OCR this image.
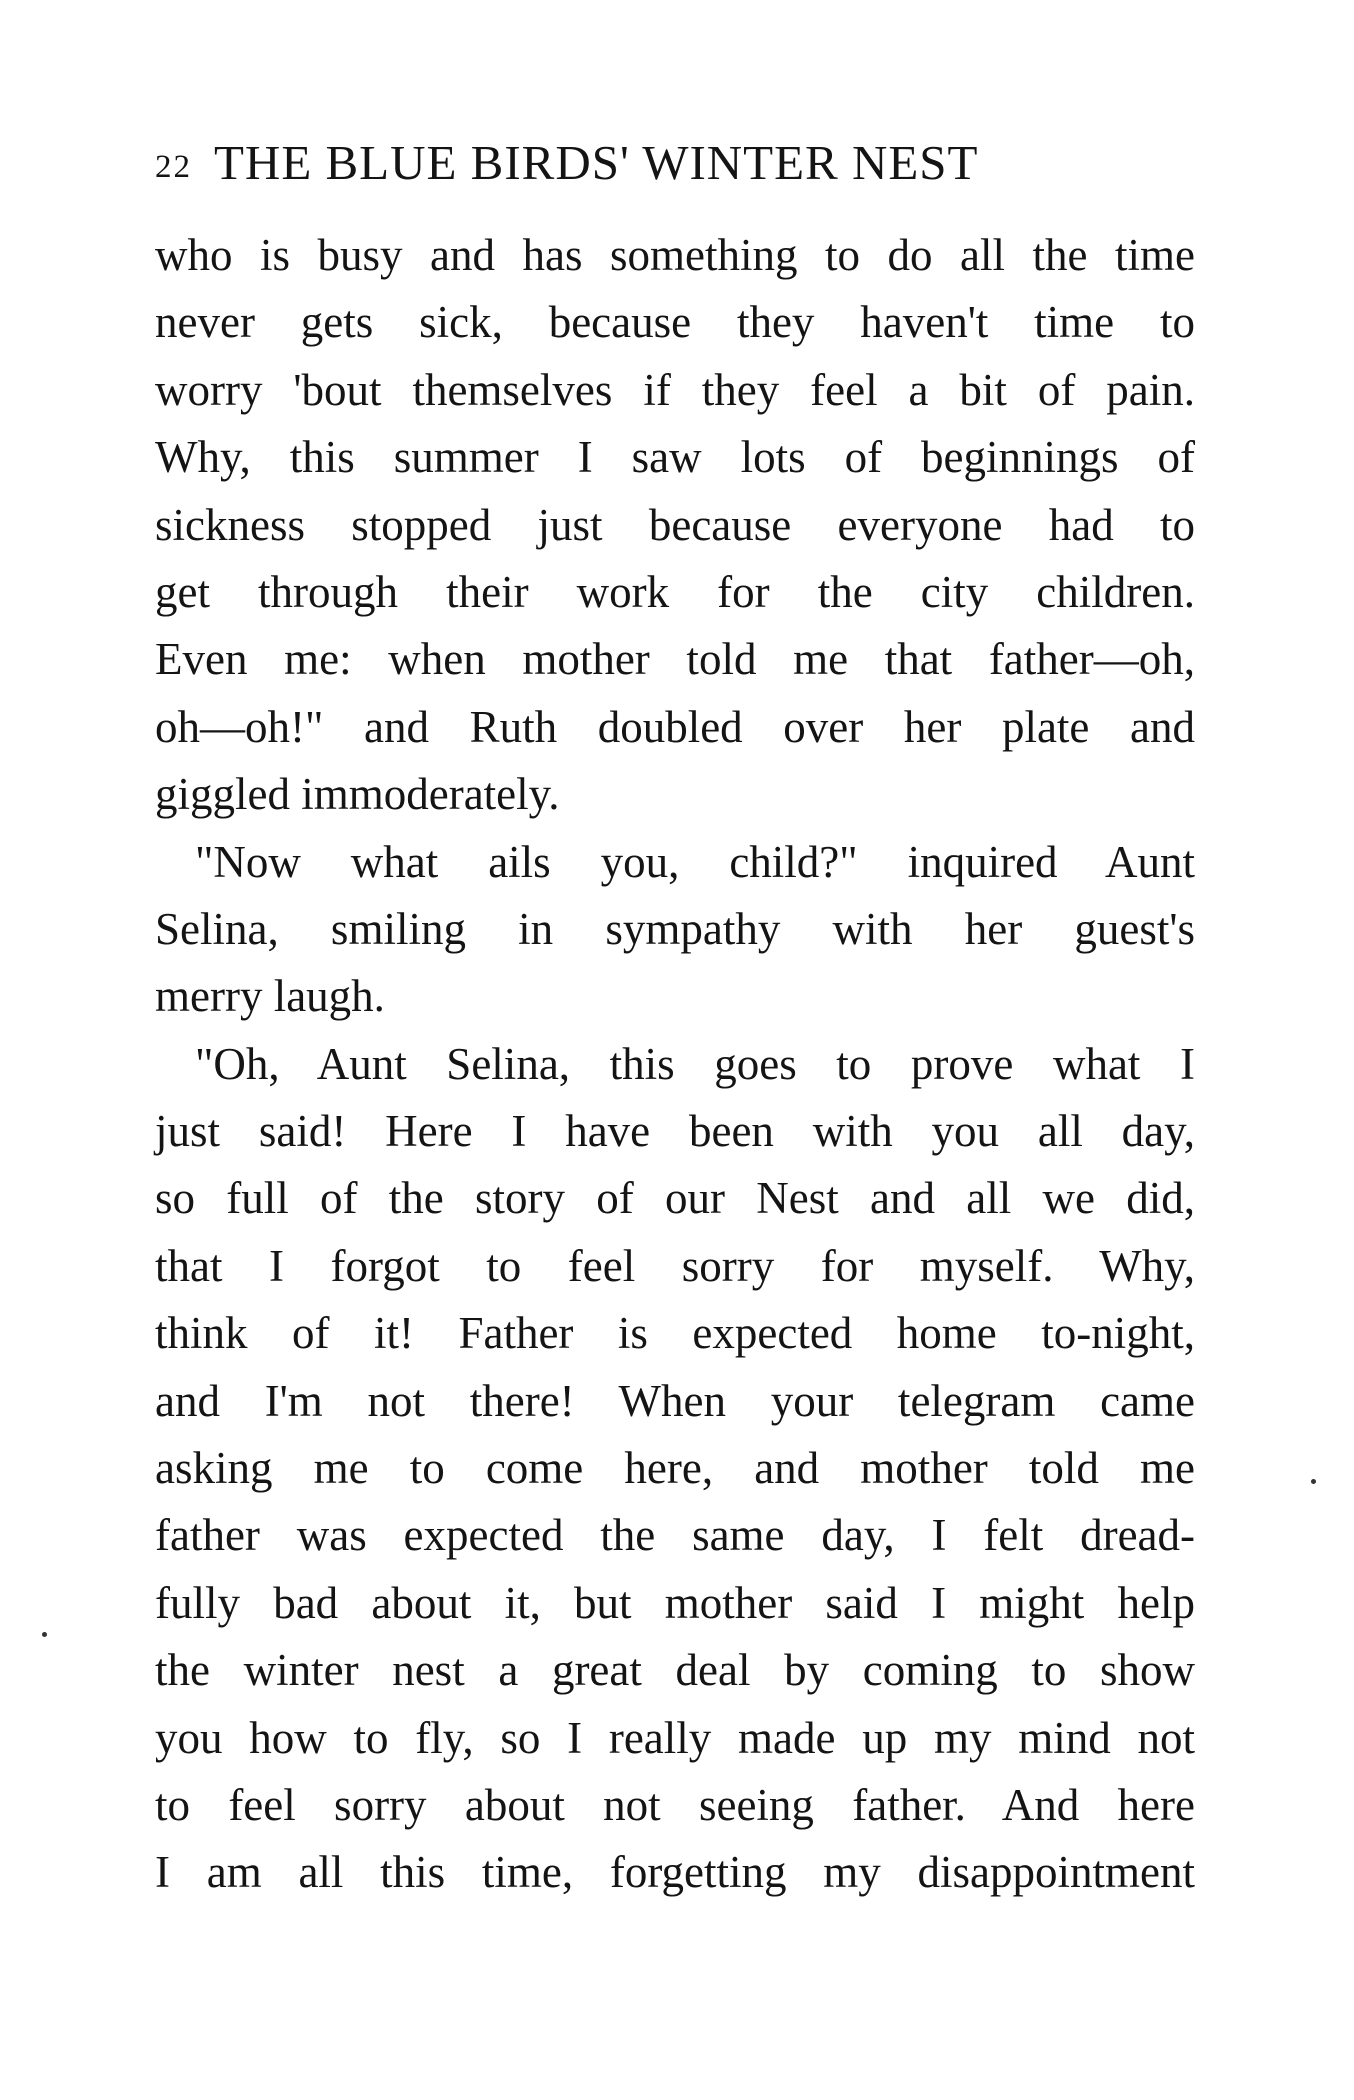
22 THE BLUE BIRDS' WINTER NEST
who is busy and has something to do all the time
never gets sick, because they haven't time to
worry 'bout themselves if they feel a bit of pain.
Why, this summer I saw lots of beginnings of
sickness stopped just because everyone had to
get through their work for the city children.
Even me: when mother told me that father—oh,
oh—oh!" and Ruth doubled over her plate and
giggled immoderately.
"Now what ails you, child?" inquired Aunt
Selina, smiling in sympathy with her guest's
merry laugh.
"Oh, Aunt Selina, this goes to prove what I
just said! Here I have been with you all day,
so full of the story of our Nest and all we did,
that I forgot to feel sorry for myself. Why,
think of it! Father is expected home to-night,
and I'm not there! When your telegram came
asking me to come here, and mother told me
father was expected the same day, I felt dread-
fully bad about it, but mother said I might help
the winter nest a great deal by coming to show
you how to fly, so I really made up my mind not
to feel sorry about not seeing father. And here
I am all this time, forgetting my disappointment
